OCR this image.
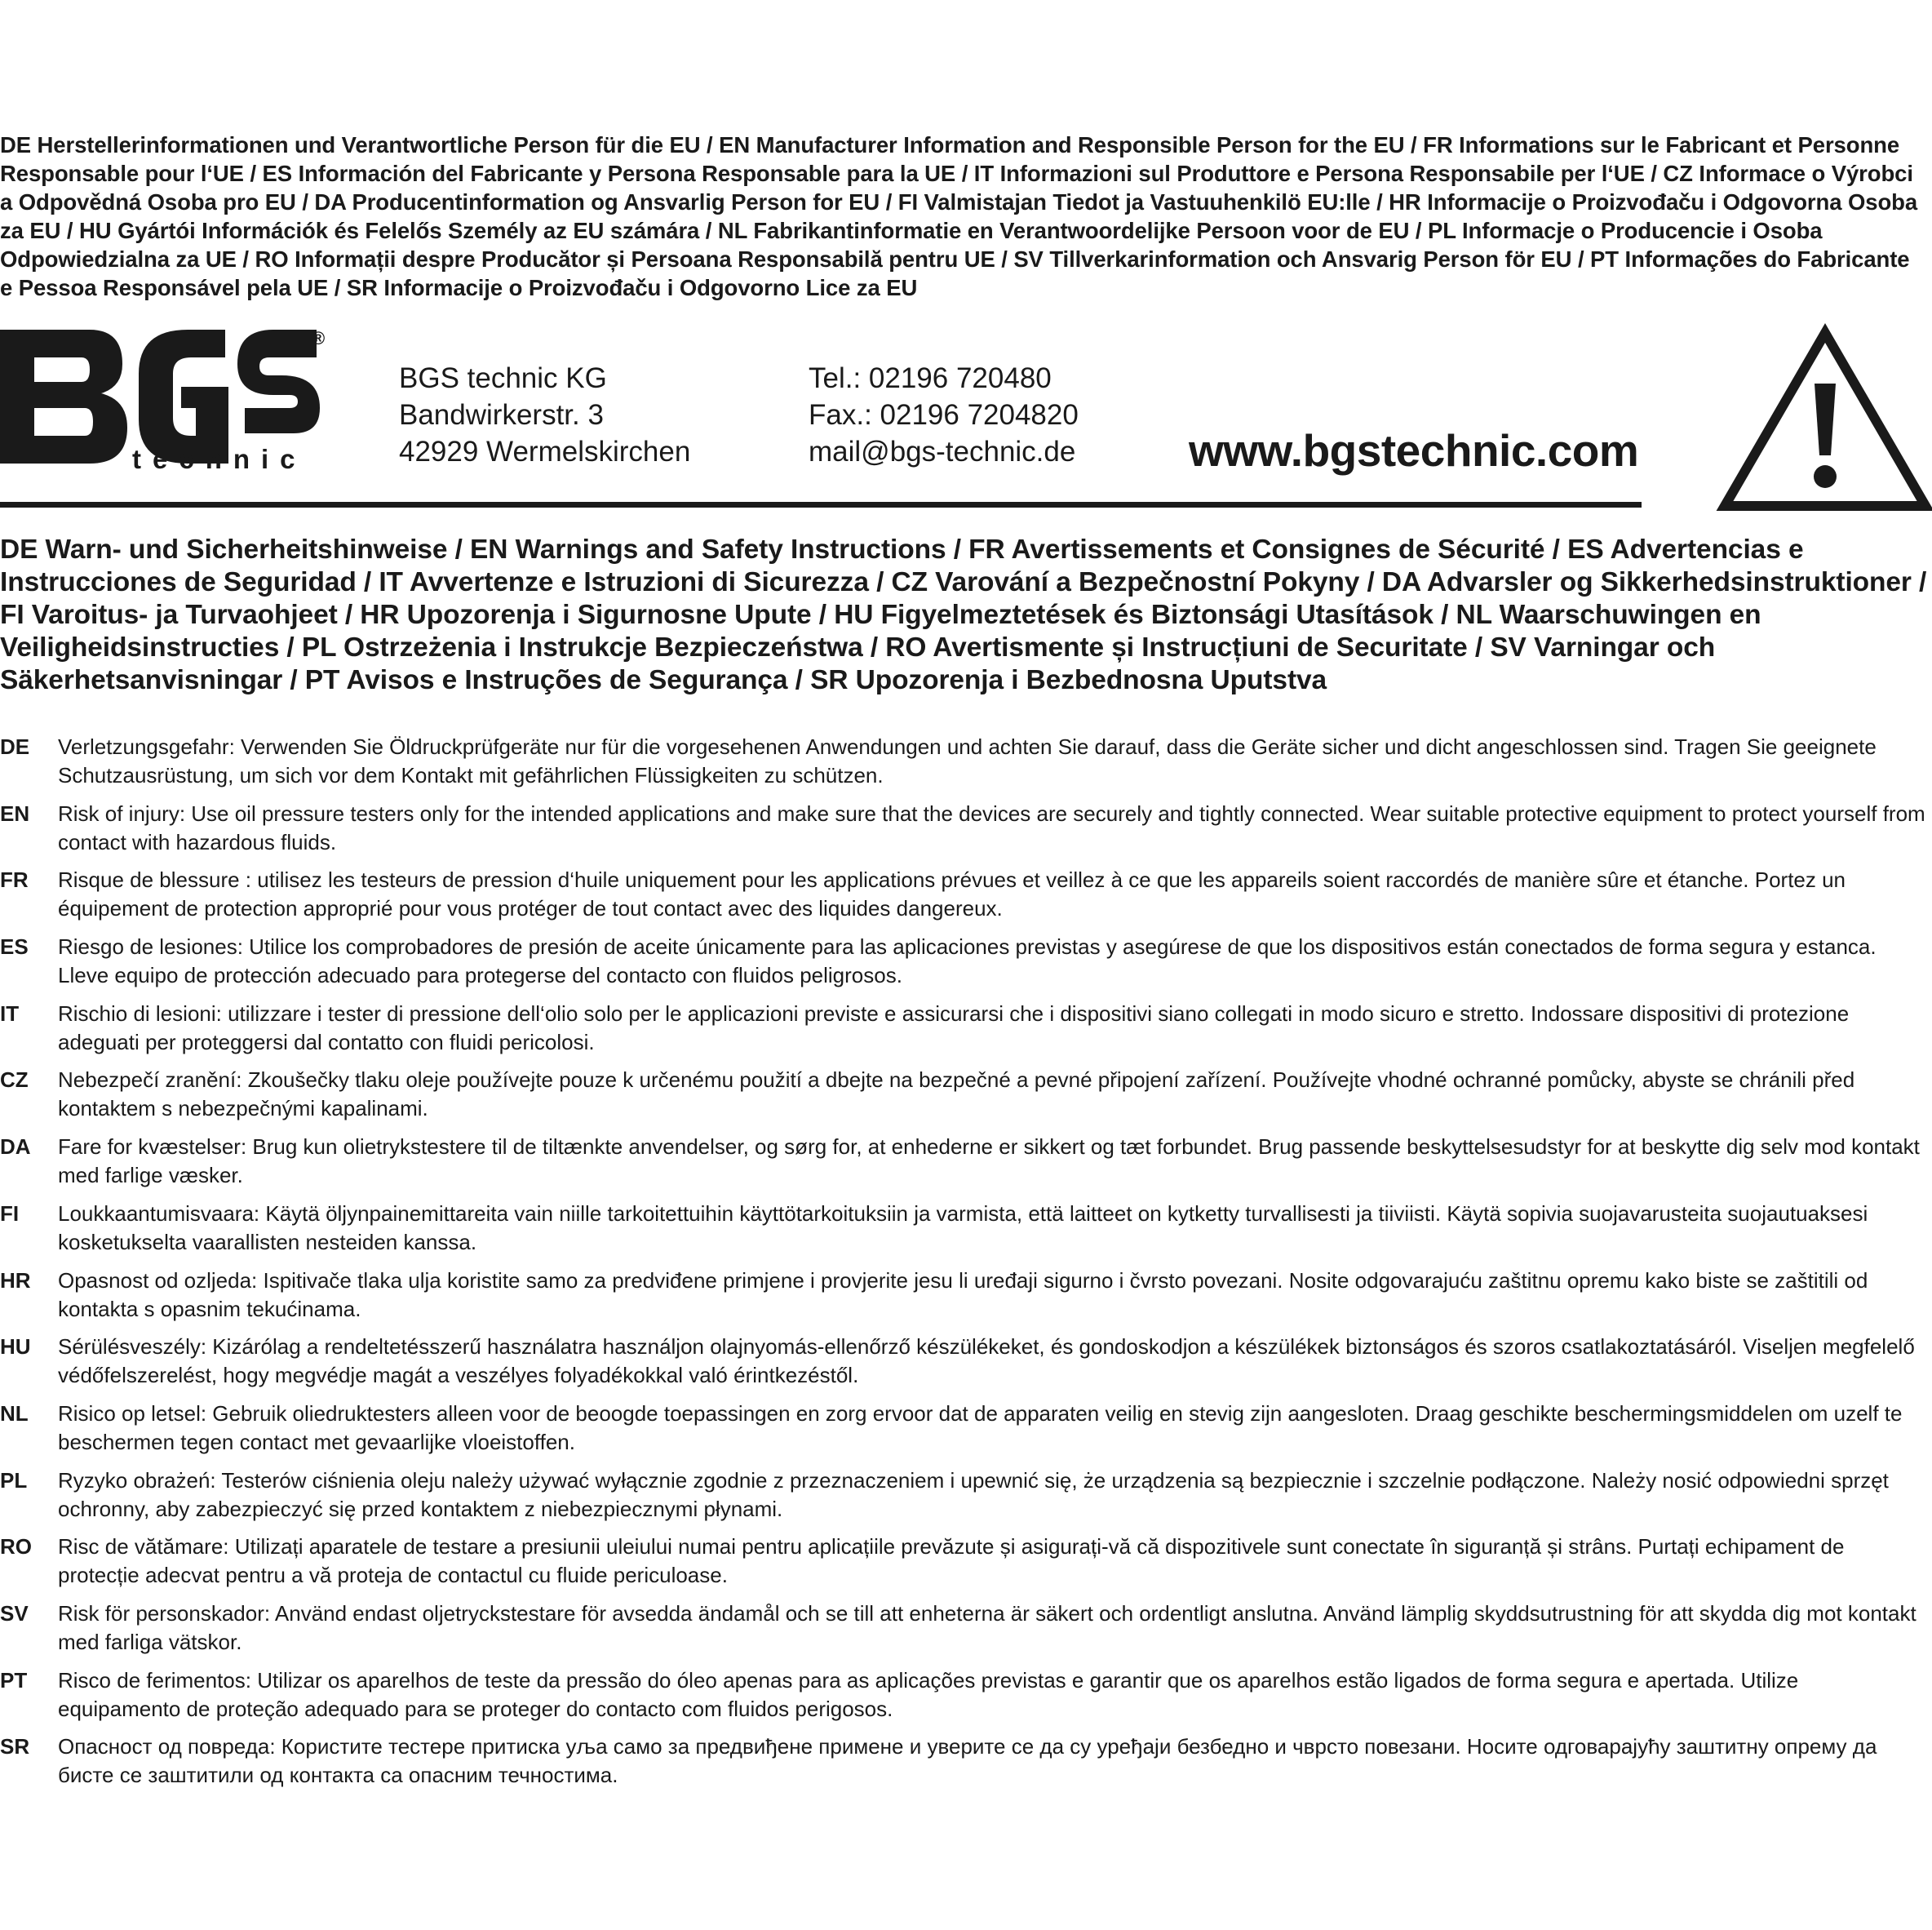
DE Herstellerinformationen und Verantwortliche Person für die EU / EN Manufacturer Information and Responsible Person for the EU / FR Informations sur le Fabricant et Personne Responsable pour l‘UE / ES Información del Fabricante y Persona Responsable para la UE / IT Informazioni sul Produttore e Persona Responsabile per l‘UE / CZ Informace o Výrobci a Odpovědná Osoba pro EU / DA Producentinformation og Ansvarlig Person for EU / FI Valmistajan Tiedot ja Vastuuhenkilö EU:lle / HR Informacije o Proizvođaču i Odgovorna Osoba za EU / HU Gyártói Információk és Felelős Személy az EU számára / NL Fabrikantinformatie en Verantwoordelijke Persoon voor de EU / PL Informacje o Producencie i Osoba Odpowiedzialna za UE / RO Informații despre Producător și Persoana Responsabilă pentru UE / SV Tillverkarinformation och Ansvarig Person för EU / PT Informações do Fabricante e Pessoa Responsável pela UE / SR Informacije o Proizvođaču i Odgovorno Lice za EU

®
technic
BGS technic KG
Bandwirkerstr. 3
42929 Wermelskirchen
Tel.: 02196 720480
Fax.: 02196 7204820
mail@bgs-technic.de	www.bgstechnic.com

DE Warn- und Sicherheitshinweise / EN Warnings and Safety Instructions / FR Avertissements et Consignes de Sécurité / ES Advertencias e Instrucciones de Seguridad / IT Avvertenze e Istruzioni di Sicurezza / CZ Varování a Bezpečnostní Pokyny / DA Advarsler og Sikkerhedsinstruktioner / FI Varoitus- ja Turvaohjeet / HR Upozorenja i Sigurnosne Upute / HU Figyelmeztetések és Biztonsági Utasítások / NL Waarschuwingen en Veiligheidsinstructies / PL Ostrzeżenia i Instrukcje Bezpieczeństwa / RO Avertismente și Instrucțiuni de Securitate / SV Varningar och Säkerhetsanvisningar / PT Avisos e Instruções de Segurança / SR Upozorenja i Bezbednosna Uputstva

DE Verletzungsgefahr: Verwenden Sie Öldruckprüfgeräte nur für die vorgesehenen Anwendungen und achten Sie darauf, dass die Geräte sicher und dicht angeschlossen sind. Tragen Sie geeignete Schutzausrüstung, um sich vor dem Kontakt mit gefährlichen Flüssigkeiten zu schützen.
EN Risk of injury: Use oil pressure testers only for the intended applications and make sure that the devices are securely and tightly connected. Wear suitable protective equipment to protect yourself from contact with hazardous fluids.
FR Risque de blessure : utilisez les testeurs de pression d‘huile uniquement pour les applications prévues et veillez à ce que les appareils soient raccordés de manière sûre et étanche. Portez un équipement de protection approprié pour vous protéger de tout contact avec des liquides dangereux.
ES Riesgo de lesiones: Utilice los comprobadores de presión de aceite únicamente para las aplicaciones previstas y asegúrese de que los dispositivos están conectados de forma segura y estanca. Lleve equipo de protección adecuado para protegerse del contacto con fluidos peligrosos.
IT Rischio di lesioni: utilizzare i tester di pressione dell‘olio solo per le applicazioni previste e assicurarsi che i dispositivi siano collegati in modo sicuro e stretto. Indossare dispositivi di protezione adeguati per proteggersi dal contatto con fluidi pericolosi.
CZ Nebezpečí zranění: Zkoušečky tlaku oleje používejte pouze k určenému použití a dbejte na bezpečné a pevné připojení zařízení. Používejte vhodné ochranné pomůcky, abyste se chránili před kontaktem s nebezpečnými kapalinami.
DA Fare for kvæstelser: Brug kun olietrykstestere til de tiltænkte anvendelser, og sørg for, at enhederne er sikkert og tæt forbundet. Brug passende beskyttelsesudstyr for at beskytte dig selv mod kontakt med farlige væsker.
FI Loukkaantumisvaara: Käytä öljynpainemittareita vain niille tarkoitettuihin käyttötarkoituksiin ja varmista, että laitteet on kytketty turvallisesti ja tiiviisti. Käytä sopivia suojavarusteita suojautuaksesi kosketukselta vaarallisten nesteiden kanssa.
HR Opasnost od ozljeda: Ispitivače tlaka ulja koristite samo za predviđene primjene i provjerite jesu li uređaji sigurno i čvrsto povezani. Nosite odgovarajuću zaštitnu opremu kako biste se zaštitili od kontakta s opasnim tekućinama.
HU Sérülésveszély: Kizárólag a rendeltetésszerű használatra használjon olajnyomás-ellenőrző készülékeket, és gondoskodjon a készülékek biztonságos és szoros csatlakoztatásáról. Viseljen megfelelő védőfelszerelést, hogy megvédje magát a veszélyes folyadékokkal való érintkezéstől.
NL Risico op letsel: Gebruik oliedruktesters alleen voor de beoogde toepassingen en zorg ervoor dat de apparaten veilig en stevig zijn aangesloten. Draag geschikte beschermingsmiddelen om uzelf te beschermen tegen contact met gevaarlijke vloeistoffen.
PL Ryzyko obrażeń: Testerów ciśnienia oleju należy używać wyłącznie zgodnie z przeznaczeniem i upewnić się, że urządzenia są bezpiecznie i szczelnie podłączone. Należy nosić odpowiedni sprzęt ochronny, aby zabezpieczyć się przed kontaktem z niebezpiecznymi płynami.
RO Risc de vătămare: Utilizați aparatele de testare a presiunii uleiului numai pentru aplicațiile prevăzute și asigurați-vă că dispozitivele sunt conectate în siguranță și strâns. Purtați echipament de protecție adecvat pentru a vă proteja de contactul cu fluide periculoase.
SV Risk för personskador: Använd endast oljetryckstestare för avsedda ändamål och se till att enheterna är säkert och ordentligt anslutna. Använd lämplig skyddsutrustning för att skydda dig mot kontakt med farliga vätskor.
PT Risco de ferimentos: Utilizar os aparelhos de teste da pressão do óleo apenas para as aplicações previstas e garantir que os aparelhos estão ligados de forma segura e apertada. Utilize equipamento de proteção adequado para se proteger do contacto com fluidos perigosos.
SR Опасност од повреда: Користите тестере притиска уља само за предвиђене примене и уверите се да су уређаји безбедно и чврсто повезани. Носите одговарајућу заштитну опрему да бисте се заштитили од контакта са опасним течностима.
